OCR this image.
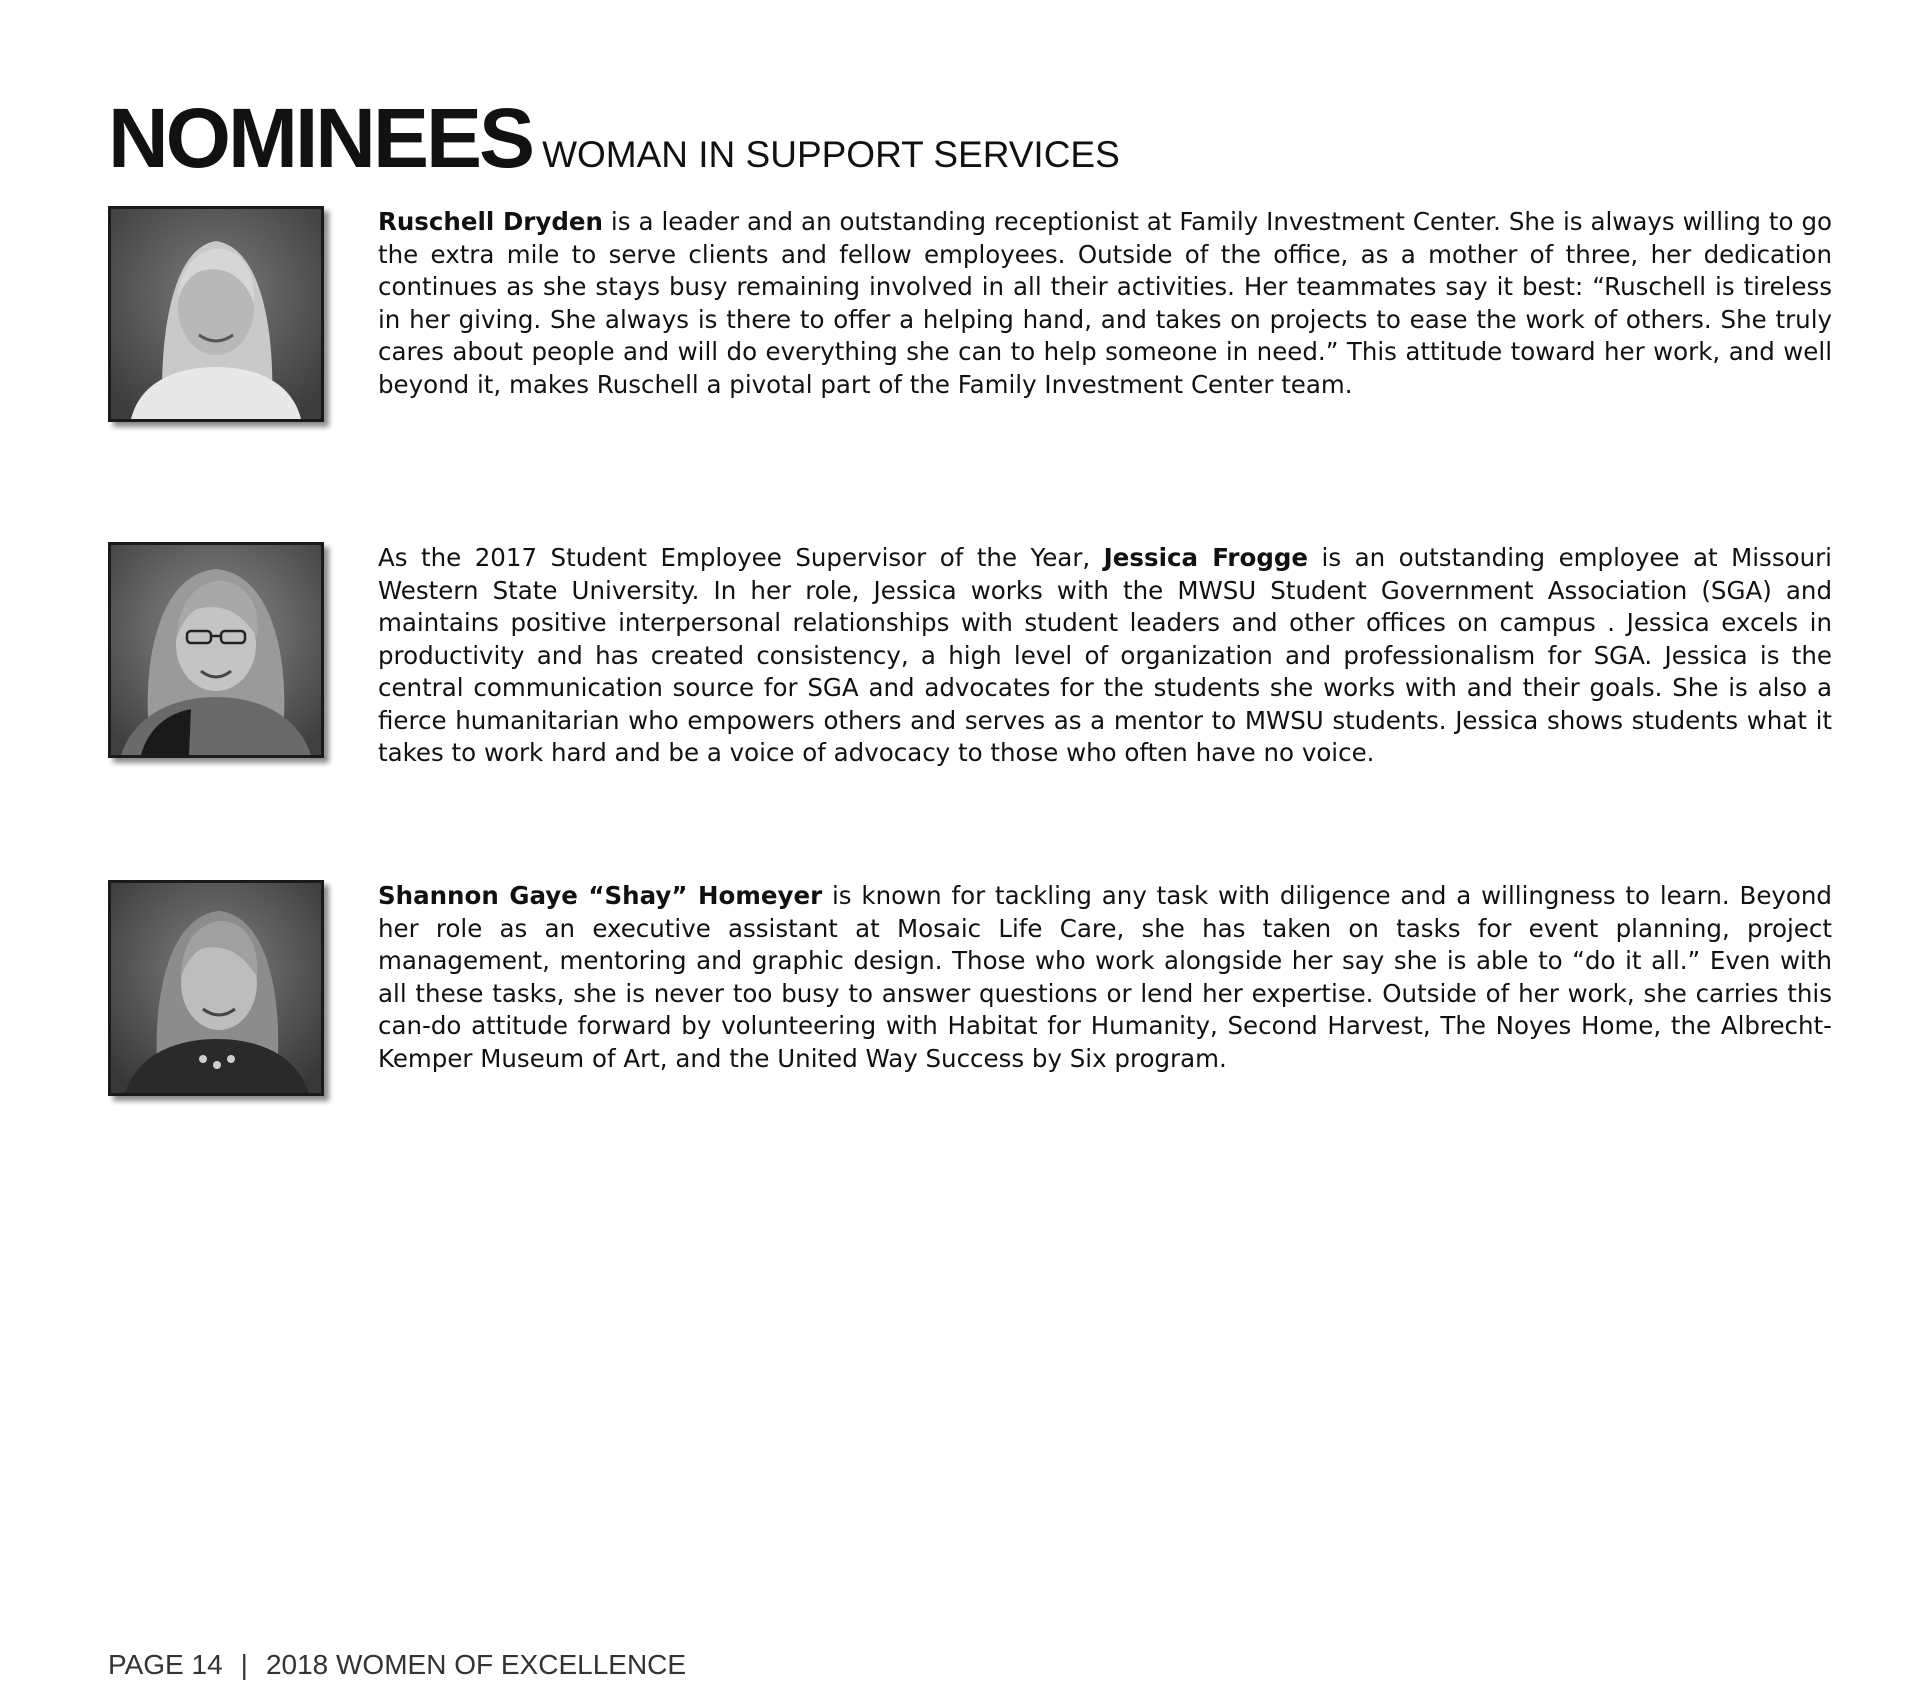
NOMINEES WOMAN IN SUPPORT SERVICES

Ruschell Dryden is a leader and an outstanding receptionist at Family Investment Center. She is always willing to go the extra mile to serve clients and fellow employees. Outside of the office, as a mother of three, her dedication continues as she stays busy remaining involved in all their activities. Her teammates say it best: “Ruschell is tireless in her giving. She always is there to offer a helping hand, and takes on projects to ease the work of others. She truly cares about people and will do everything she can to help someone in need.” This attitude toward her work, and well beyond it, makes Ruschell a pivotal part of the Family Investment Center team.

As the 2017 Student Employee Supervisor of the Year, Jessica Frogge is an outstanding employee at Missouri Western State University. In her role, Jessica works with the MWSU Student Government Association (SGA) and maintains positive interpersonal relationships with student leaders and other offices on campus . Jessica excels in productivity and has created consistency, a high level of organization and professionalism for SGA. Jessica is the central communication source for SGA and advocates for the students she works with and their goals. She is also a fierce humanitarian who empowers others and serves as a mentor to MWSU students. Jessica shows students what it takes to work hard and be a voice of advocacy to those who often have no voice.

Shannon Gaye “Shay” Homeyer is known for tackling any task with diligence and a willingness to learn. Beyond her role as an executive assistant at Mosaic Life Care, she has taken on tasks for event planning, project management, mentoring and graphic design. Those who work alongside her say she is able to “do it all.” Even with all these tasks, she is never too busy to answer questions or lend her expertise. Outside of her work, she carries this can-do attitude forward by volunteering with Habitat for Humanity, Second Harvest, The Noyes Home, the Albrecht-Kemper Museum of Art, and the United Way Success by Six program.

PAGE 14 | 2018 WOMEN OF EXCELLENCE
